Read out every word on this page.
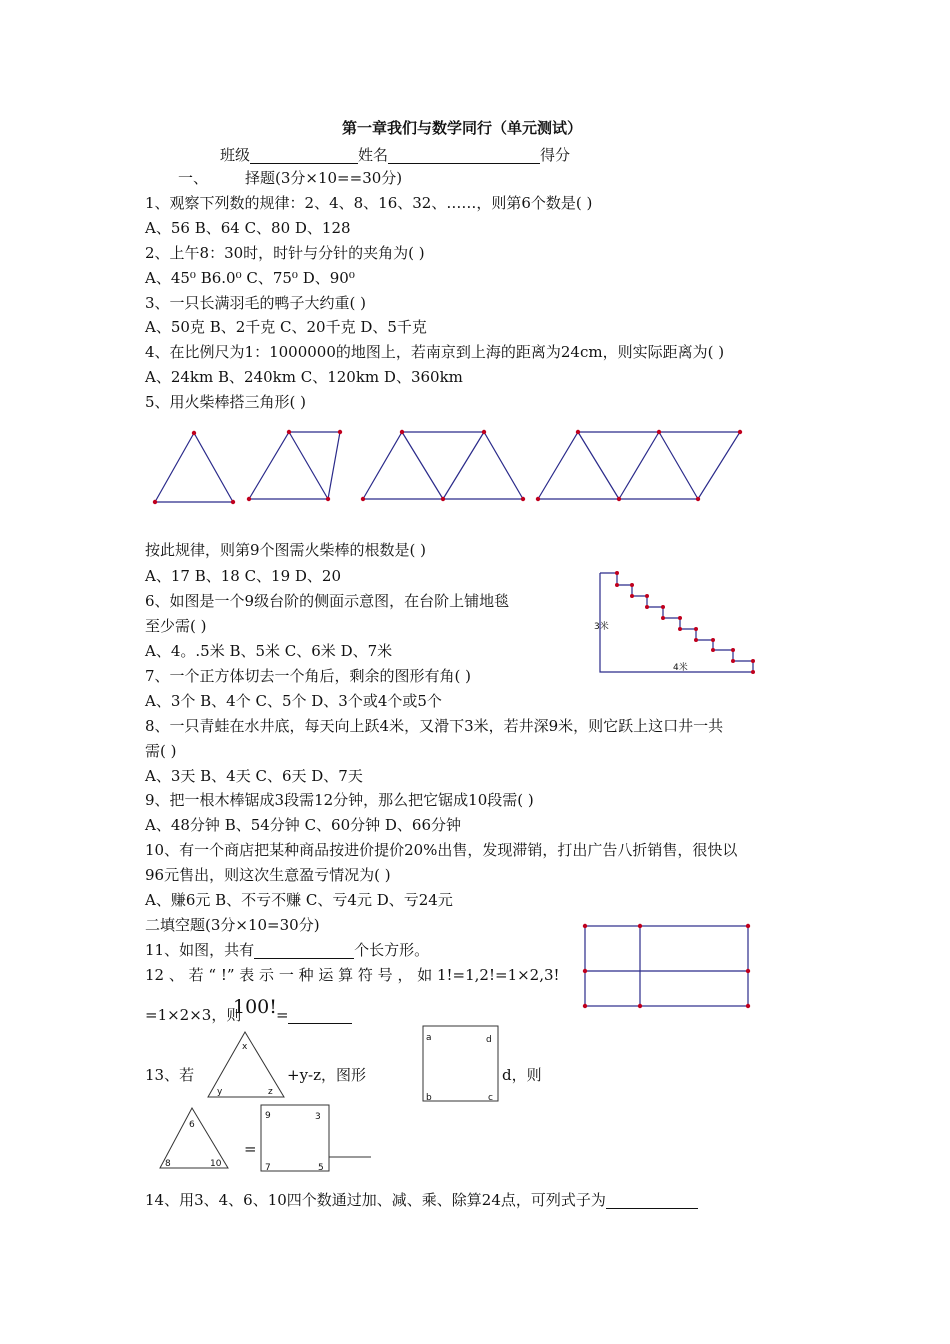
第一章我们与数学同行（单元测试）
班级	姓名	得分
一、 择题(3分×10==30分)
1、观察下列数的规律：2、4、8、16、32、……，则第6个数是( )
A、56 B、64 C、80 D、128
2、上午8：30时，时针与分针的夹角为( )
A、45⁰ B6.0⁰ C、75⁰ D、90⁰
3、一只长满羽毛的鸭子大约重( )
A、50克 B、2千克 C、20千克 D、5千克
4、在比例尺为1：1000000的地图上，若南京到上海的距离为24cm，则实际距离为( )
A、24km B、240km C、120km D、360km
5、用火柴棒搭三角形( )
按此规律，则第9个图需火柴棒的根数是( )
A、17 B、18 C、19 D、20
6、如图是一个9级台阶的侧面示意图，在台阶上铺地毯
至少需( )
A、4。.5米 B、5米 C、6米 D、7米
3米
4米
7、一个正方体切去一个角后，剩余的图形有角( )
A、3个 B、4个 C、5个 D、3个或4个或5个
8、一只青蛙在水井底，每天向上跃4米，又滑下3米，若井深9米，则它跃上这口井一共
需( )
A、3天 B、4天 C、6天 D、7天
9、把一根木棒锯成3段需12分钟，那么把它锯成10段需( )
A、48分钟 B、54分钟 C、60分钟 D、66分钟
10、有一个商店把某种商品按进价提价20%出售，发现滞销，打出广告八折销售，很快以
96元售出，则这次生意盈亏情况为( )
A、赚6元 B、不亏不赚 C、亏4元 D、亏24元
二填空题(3分×10=30分)
11、如图，共有	个长方形。
12 、 若 “ !” 表 示 一 种 运 算 符 号 ， 如 1!=1,2!=1×2,3!
=1×2×3，则
100! =
13、若
x
y	z
+y-z，图形
a	d
b	c
d，则
6
8	10
=
9	3
7	5
14、用3、4、6、10四个数通过加、减、乘、除算24点，可列式子为
